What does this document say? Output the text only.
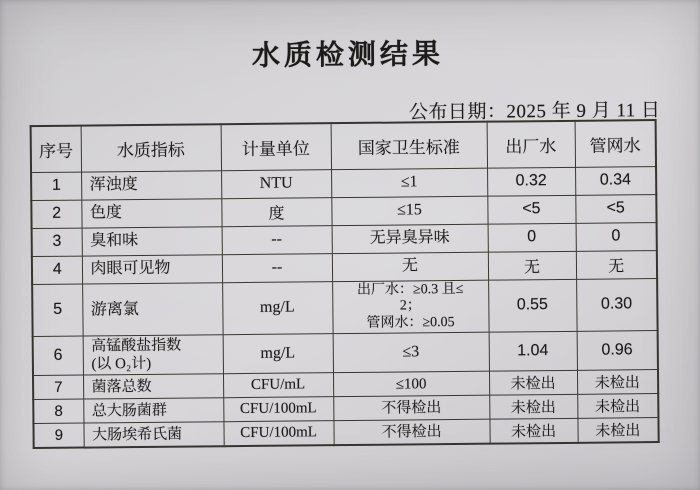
水质检测结果
公布日期：2025 年 9 月 11 日
序号	水质指标	计量单位	国家卫生标准	出厂水	管网水
1	浑浊度	NTU	≤1	0.32	0.34
2	色度	度	≤15	<5	<5
3	臭和味	--	无异臭异味	0	0
4	肉眼可见物	--	无	无	无
5	游离氯	mg/L	出厂水：≥0.3 且≤
2；
管网水：≥0.05	0.55	0.30
6	高锰酸盐指数
(以 O₂计)	mg/L	≤3	1.04	0.96
7	菌落总数	CFU/mL	≤100	未检出	未检出
8	总大肠菌群	CFU/100mL	不得检出	未检出	未检出
9	大肠埃希氏菌	CFU/100mL	不得检出	未检出	未检出
